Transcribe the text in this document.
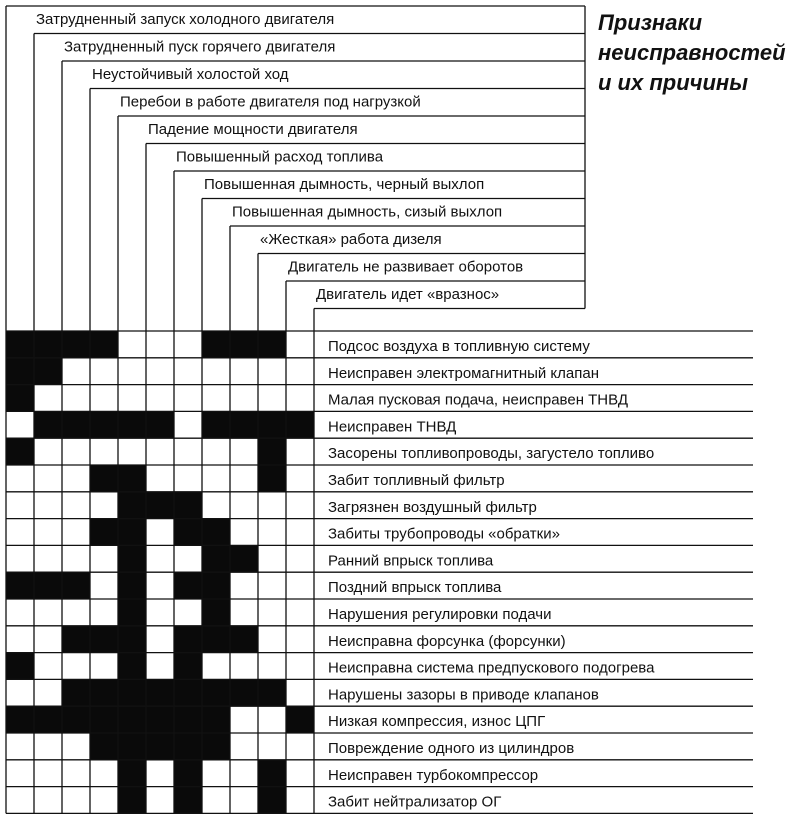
Затрудненный запуск холодного двигателя
Затрудненный пуск горячего двигателя
Неустойчивый холостой ход
Перебои в работе двигателя под нагрузкой
Падение мощности двигателя
Повышенный расход топлива
Повышенная дымность, черный выхлоп
Повышенная дымность, сизый выхлоп
«Жесткая» работа дизеля
Двигатель не развивает оборотов
Двигатель идет «вразнос»
Подсос воздуха в топливную систему
Неисправен электромагнитный клапан
Малая пусковая подача, неисправен ТНВД
Неисправен ТНВД
Засорены топливопроводы, загустело топливо
Забит топливный фильтр
Загрязнен воздушный фильтр
Забиты трубопроводы «обратки»
Ранний впрыск топлива
Поздний впрыск топлива
Нарушения регулировки подачи
Неисправна форсунка (форсунки)
Неисправна система предпускового подогрева
Нарушены зазоры в приводе клапанов
Низкая компрессия, износ ЦПГ
Повреждение одного из цилиндров
Неисправен турбокомпрессор
Забит нейтрализатор ОГ
Признаки
неисправностей
и их причины
